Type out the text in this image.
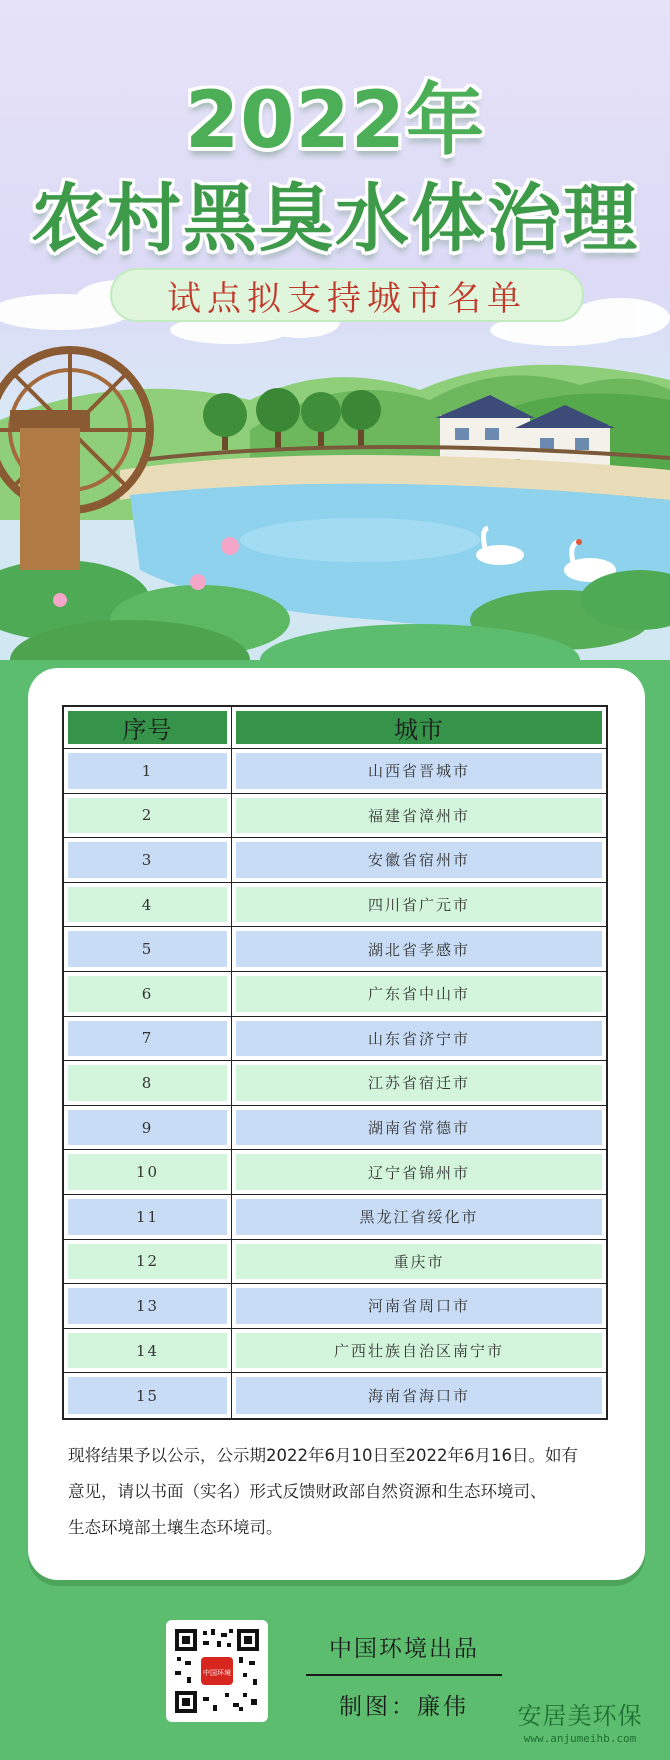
2022年
农村黑臭水体治理
试点拟支持城市名单
序号	城市
1	山西省晋城市
2	福建省漳州市
3	安徽省宿州市
4	四川省广元市
5	湖北省孝感市
6	广东省中山市
7	山东省济宁市
8	江苏省宿迁市
9	湖南省常德市
10	辽宁省锦州市
11	黑龙江省绥化市
12	重庆市
13	河南省周口市
14	广西壮族自治区南宁市
15	海南省海口市
现将结果予以公示，公示期2022年6月10日至2022年6月16日。如有
意见，请以书面（实名）形式反馈财政部自然资源和生态环境司、
生态环境部土壤生态环境司。
中国环境
中国环境出品
制图：廉伟	安居美环保
www.anjumeihb.com
